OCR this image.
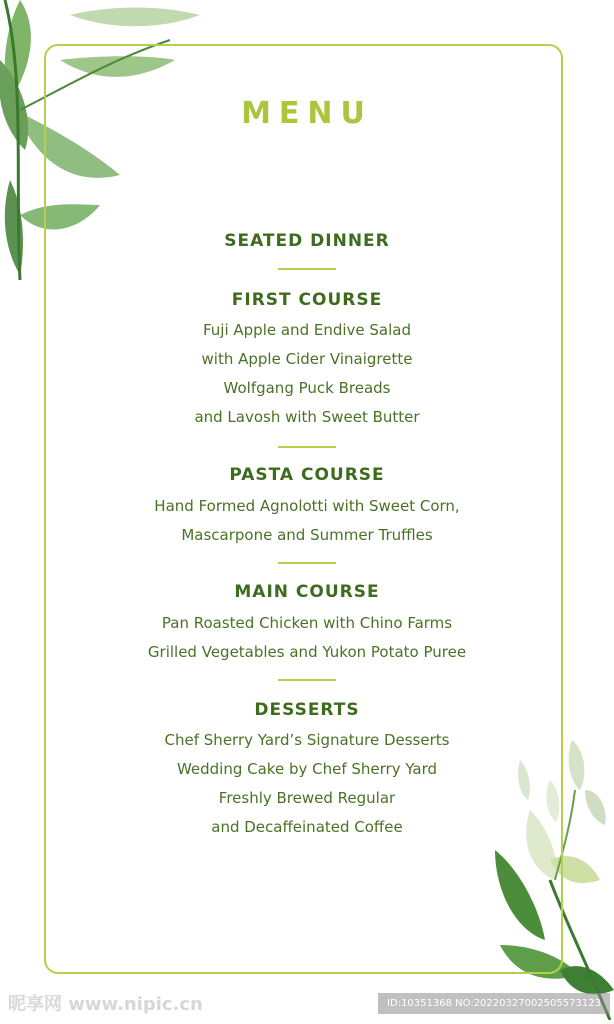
MENU
SEATED DINNER
FIRST COURSE
Fuji Apple and Endive Salad
with Apple Cider Vinaigrette
Wolfgang Puck Breads
and Lavosh with Sweet Butter
PASTA COURSE
Hand Formed Agnolotti with Sweet Corn,
Mascarpone and Summer Truffles
MAIN COURSE
Pan Roasted Chicken with Chino Farms
Grilled Vegetables and Yukon Potato Puree
DESSERTS
Chef Sherry Yard’s Signature Desserts
Wedding Cake by Chef Sherry Yard
Freshly Brewed Regular
and Decaffeinated Coffee
昵享网 www.nipic.cn	ID:10351368 NO:20220327002505573123
